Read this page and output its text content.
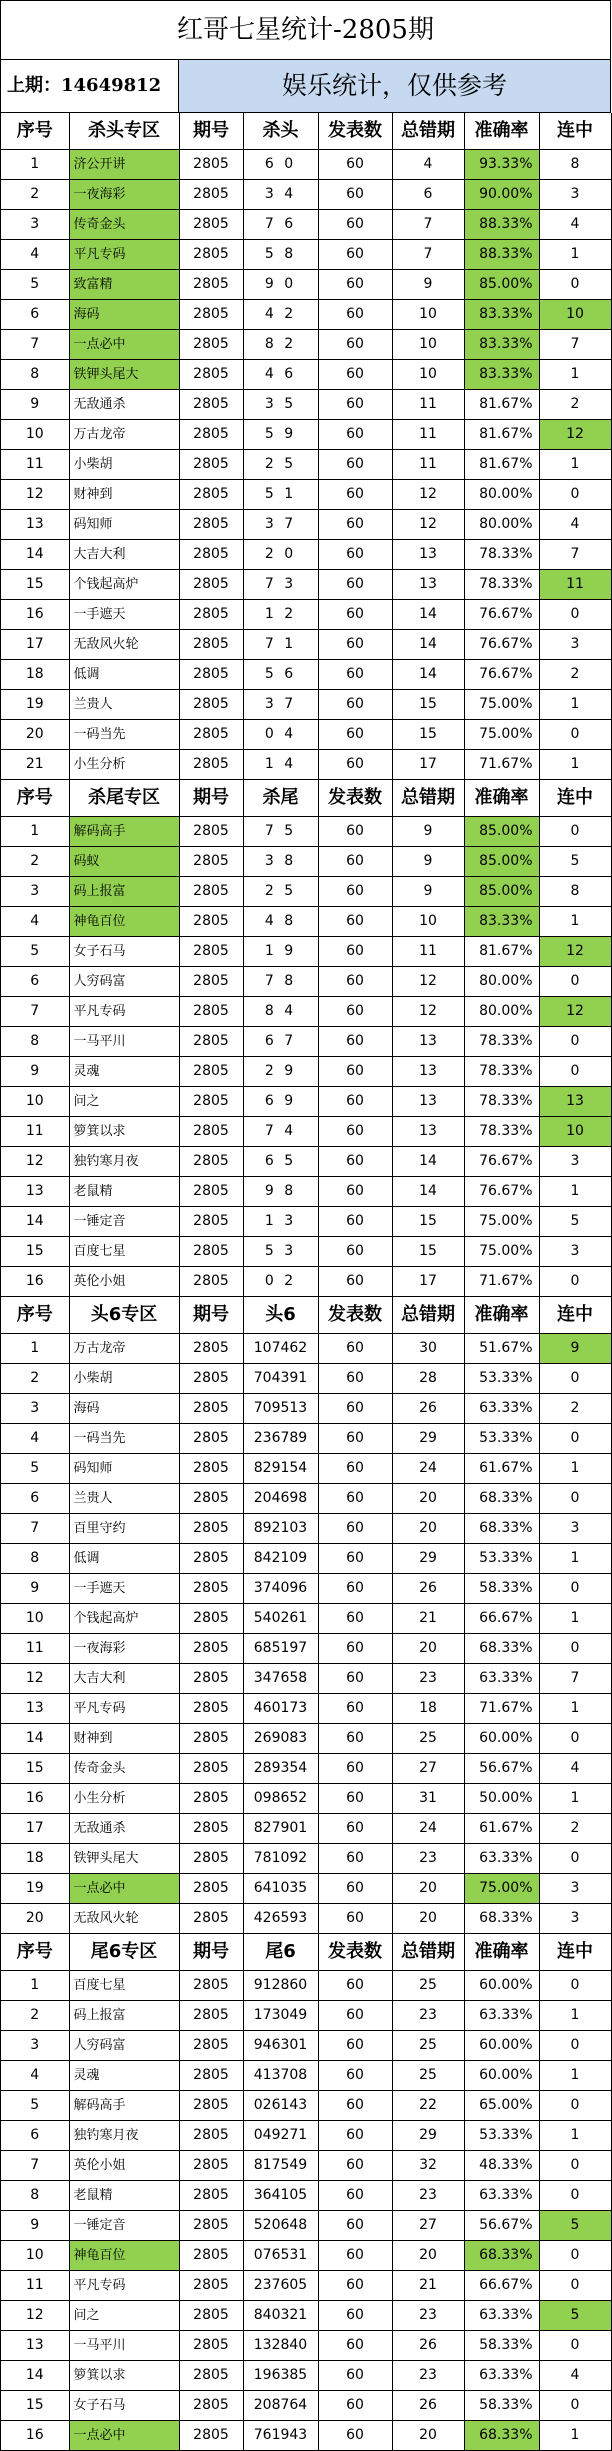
红哥七星统计-2805期
上期：14649812	娱乐统计，仅供参考
序号	杀头专区	期号	杀头	发表数	总错期	准确率	连中
1	济公开讲	2805	6 0	60	4	93.33%	8
2	一夜海彩	2805	3 4	60	6	90.00%	3
3	传奇金头	2805	7 6	60	7	88.33%	4
4	平凡专码	2805	5 8	60	7	88.33%	1
5	致富精	2805	9 0	60	9	85.00%	0
6	海码	2805	4 2	60	10	83.33%	10
7	一点必中	2805	8 2	60	10	83.33%	7
8	铁钾头尾大	2805	4 6	60	10	83.33%	1
9	无敌通杀	2805	3 5	60	11	81.67%	2
10	万古龙帝	2805	5 9	60	11	81.67%	12
11	小柴胡	2805	2 5	60	11	81.67%	1
12	财神到	2805	5 1	60	12	80.00%	0
13	码知师	2805	3 7	60	12	80.00%	4
14	大吉大利	2805	2 0	60	13	78.33%	7
15	个钱起高炉	2805	7 3	60	13	78.33%	11
16	一手遮天	2805	1 2	60	14	76.67%	0
17	无敌风火轮	2805	7 1	60	14	76.67%	3
18	低调	2805	5 6	60	14	76.67%	2
19	兰贵人	2805	3 7	60	15	75.00%	1
20	一码当先	2805	0 4	60	15	75.00%	0
21	小生分析	2805	1 4	60	17	71.67%	1
序号	杀尾专区	期号	杀尾	发表数	总错期	准确率	连中
1	解码高手	2805	7 5	60	9	85.00%	0
2	码蚁	2805	3 8	60	9	85.00%	5
3	码上报富	2805	2 5	60	9	85.00%	8
4	神龟百位	2805	4 8	60	10	83.33%	1
5	女子石马	2805	1 9	60	11	81.67%	12
6	人穷码富	2805	7 8	60	12	80.00%	0
7	平凡专码	2805	8 4	60	12	80.00%	12
8	一马平川	2805	6 7	60	13	78.33%	0
9	灵魂	2805	2 9	60	13	78.33%	0
10	问之	2805	6 9	60	13	78.33%	13
11	箩箕以求	2805	7 4	60	13	78.33%	10
12	独钓寒月夜	2805	6 5	60	14	76.67%	3
13	老鼠精	2805	9 8	60	14	76.67%	1
14	一锤定音	2805	1 3	60	15	75.00%	5
15	百度七星	2805	5 3	60	15	75.00%	3
16	英伦小姐	2805	0 2	60	17	71.67%	0
序号	头6专区	期号	头6	发表数	总错期	准确率	连中
1	万古龙帝	2805	107462	60	30	51.67%	9
2	小柴胡	2805	704391	60	28	53.33%	0
3	海码	2805	709513	60	26	63.33%	2
4	一码当先	2805	236789	60	29	53.33%	0
5	码知师	2805	829154	60	24	61.67%	1
6	兰贵人	2805	204698	60	20	68.33%	0
7	百里守约	2805	892103	60	20	68.33%	3
8	低调	2805	842109	60	29	53.33%	1
9	一手遮天	2805	374096	60	26	58.33%	0
10	个钱起高炉	2805	540261	60	21	66.67%	1
11	一夜海彩	2805	685197	60	20	68.33%	0
12	大吉大利	2805	347658	60	23	63.33%	7
13	平凡专码	2805	460173	60	18	71.67%	1
14	财神到	2805	269083	60	25	60.00%	0
15	传奇金头	2805	289354	60	27	56.67%	4
16	小生分析	2805	098652	60	31	50.00%	1
17	无敌通杀	2805	827901	60	24	61.67%	2
18	铁钾头尾大	2805	781092	60	23	63.33%	0
19	一点必中	2805	641035	60	20	75.00%	3
20	无敌风火轮	2805	426593	60	20	68.33%	3
序号	尾6专区	期号	尾6	发表数	总错期	准确率	连中
1	百度七星	2805	912860	60	25	60.00%	0
2	码上报富	2805	173049	60	23	63.33%	1
3	人穷码富	2805	946301	60	25	60.00%	0
4	灵魂	2805	413708	60	25	60.00%	1
5	解码高手	2805	026143	60	22	65.00%	0
6	独钓寒月夜	2805	049271	60	29	53.33%	1
7	英伦小姐	2805	817549	60	32	48.33%	0
8	老鼠精	2805	364105	60	23	63.33%	0
9	一锤定音	2805	520648	60	27	56.67%	5
10	神龟百位	2805	076531	60	20	68.33%	0
11	平凡专码	2805	237605	60	21	66.67%	0
12	问之	2805	840321	60	23	63.33%	5
13	一马平川	2805	132840	60	26	58.33%	0
14	箩箕以求	2805	196385	60	23	63.33%	4
15	女子石马	2805	208764	60	26	58.33%	0
16	一点必中	2805	761943	60	20	68.33%	1
